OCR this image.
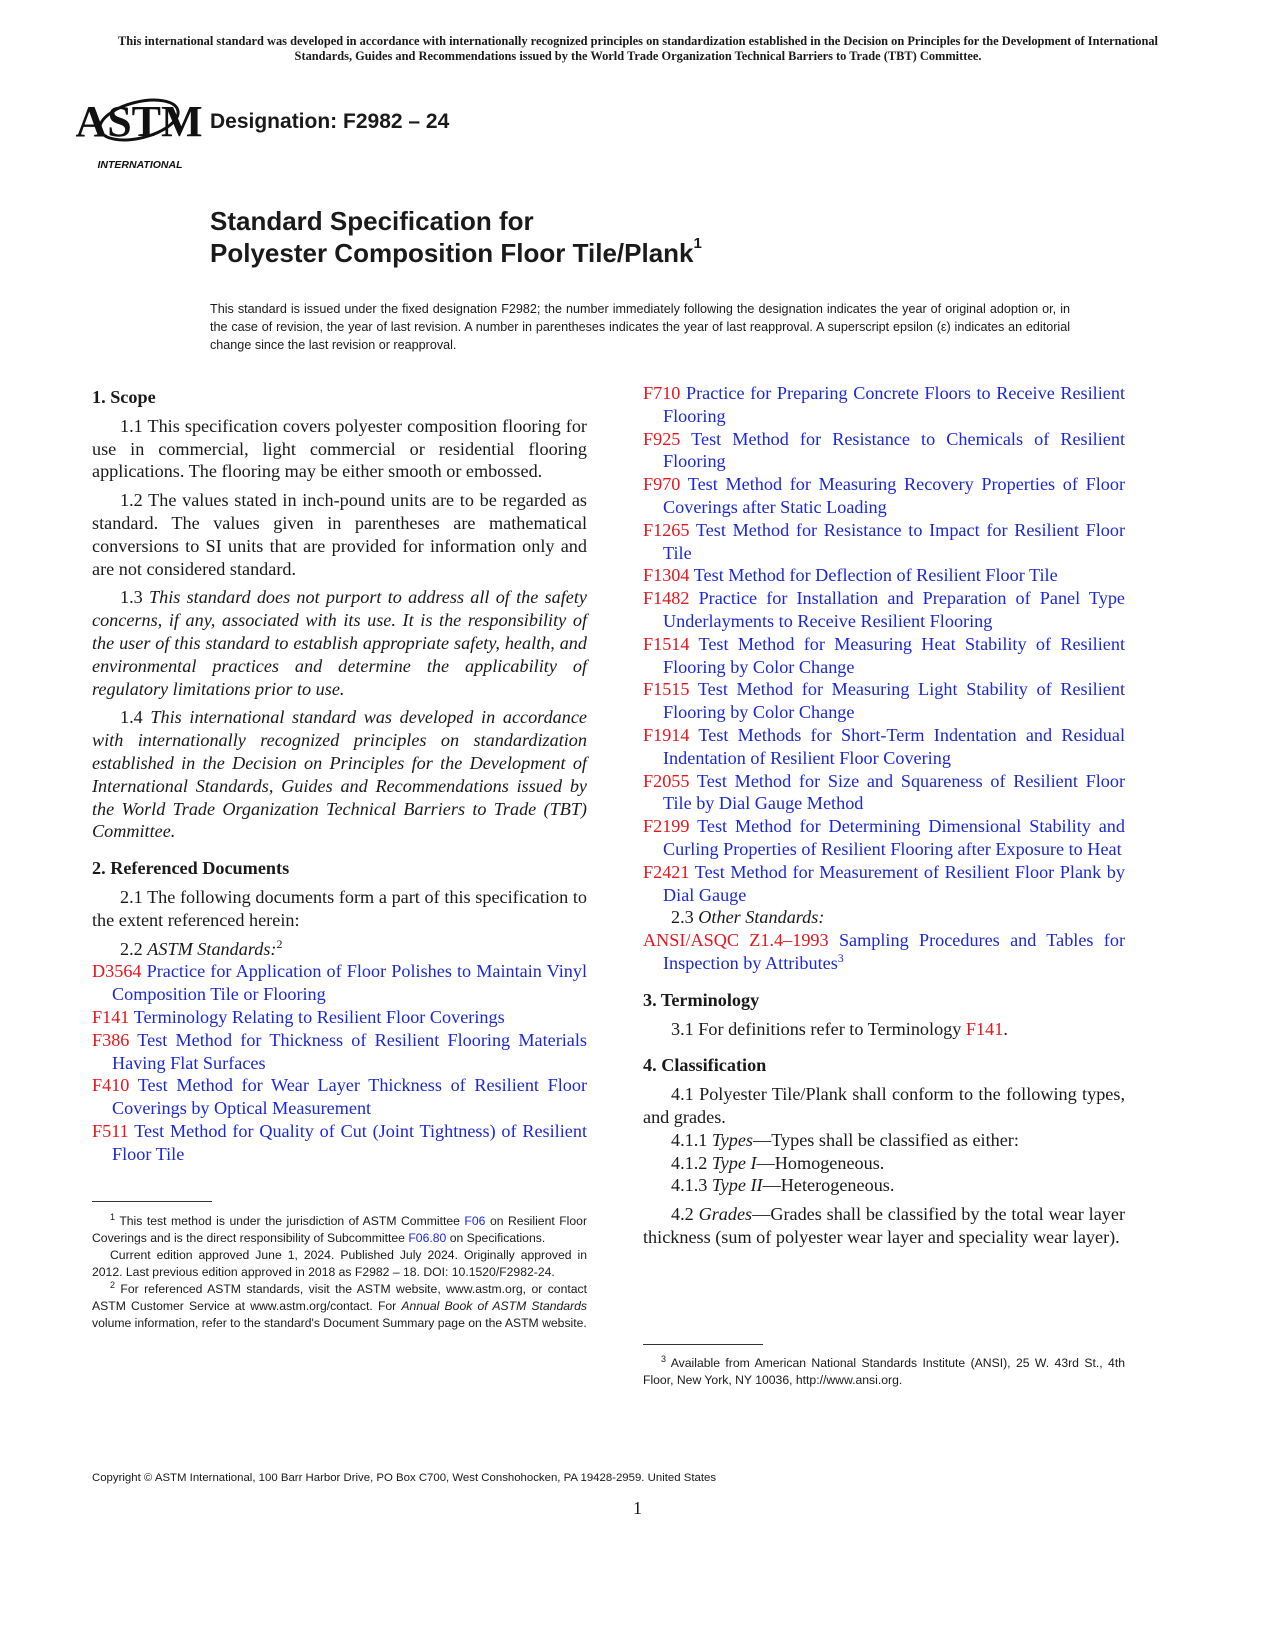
This international standard was developed in accordance with internationally recognized principles on standardization established in the Decision on Principles for the Development of International Standards, Guides and Recommendations issued by the World Trade Organization Technical Barriers to Trade (TBT) Committee.
ASTM
INTERNATIONAL
Designation: F2982 – 24
Standard Specification for
Polyester Composition Floor Tile/Plank$^1$
This standard is issued under the fixed designation F2982; the number immediately following the designation indicates the year of original adoption or, in the case of revision, the year of last revision. A number in parentheses indicates the year of last reapproval. A superscript epsilon (ε) indicates an editorial change since the last revision or reapproval.
1. Scope

1.1 This specification covers polyester composition flooring for use in commercial, light commercial or residential flooring applications. The flooring may be either smooth or embossed.

1.2 The values stated in inch-pound units are to be regarded as standard. The values given in parentheses are mathematical conversions to SI units that are provided for information only and are not considered standard.

1.3 This standard does not purport to address all of the safety concerns, if any, associated with its use. It is the responsibility of the user of this standard to establish appropriate safety, health, and environmental practices and determine the applicability of regulatory limitations prior to use.

1.4 This international standard was developed in accordance with internationally recognized principles on standardization established in the Decision on Principles for the Development of International Standards, Guides and Recommendations issued by the World Trade Organization Technical Barriers to Trade (TBT) Committee.

2. Referenced Documents

2.1 The following documents form a part of this specification to the extent referenced herein:

2.2 ASTM Standards:$^2$

D3564 Practice for Application of Floor Polishes to Maintain Vinyl Composition Tile or Flooring

F141 Terminology Relating to Resilient Floor Coverings

F386 Test Method for Thickness of Resilient Flooring Materials Having Flat Surfaces

F410 Test Method for Wear Layer Thickness of Resilient Floor Coverings by Optical Measurement

F511 Test Method for Quality of Cut (Joint Tightness) of Resilient Floor Tile

F710 Practice for Preparing Concrete Floors to Receive Resilient Flooring

F925 Test Method for Resistance to Chemicals of Resilient Flooring

F970 Test Method for Measuring Recovery Properties of Floor Coverings after Static Loading

F1265 Test Method for Resistance to Impact for Resilient Floor Tile

F1304 Test Method for Deflection of Resilient Floor Tile

F1482 Practice for Installation and Preparation of Panel Type Underlayments to Receive Resilient Flooring

F1514 Test Method for Measuring Heat Stability of Resilient Flooring by Color Change

F1515 Test Method for Measuring Light Stability of Resilient Flooring by Color Change

F1914 Test Methods for Short-Term Indentation and Residual Indentation of Resilient Floor Covering

F2055 Test Method for Size and Squareness of Resilient Floor Tile by Dial Gauge Method

F2199 Test Method for Determining Dimensional Stability and Curling Properties of Resilient Flooring after Exposure to Heat

F2421 Test Method for Measurement of Resilient Floor Plank by Dial Gauge

2.3 Other Standards:

ANSI/ASQC Z1.4–1993 Sampling Procedures and Tables for Inspection by Attributes$^3$

3. Terminology

3.1 For definitions refer to Terminology F141.

4. Classification

4.1 Polyester Tile/Plank shall conform to the following types, and grades.

4.1.1 Types—Types shall be classified as either:

4.1.2 Type I—Homogeneous.

4.1.3 Type II—Heterogeneous.

4.2 Grades—Grades shall be classified by the total wear layer thickness (sum of polyester wear layer and speciality wear layer).

$^1$ This test method is under the jurisdiction of ASTM Committee F06 on Resilient Floor Coverings and is the direct responsibility of Subcommittee F06.80 on Specifications.

Current edition approved June 1, 2024. Published July 2024. Originally approved in 2012. Last previous edition approved in 2018 as F2982 – 18. DOI: 10.1520/F2982-24.

$^2$ For referenced ASTM standards, visit the ASTM website, www.astm.org, or contact ASTM Customer Service at www.astm.org/contact. For Annual Book of ASTM Standards volume information, refer to the standard's Document Summary page on the ASTM website.

$^3$ Available from American National Standards Institute (ANSI), 25 W. 43rd St., 4th Floor, New York, NY 10036, http://www.ansi.org.

Copyright © ASTM International, 100 Barr Harbor Drive, PO Box C700, West Conshohocken, PA 19428-2959. United States
1
